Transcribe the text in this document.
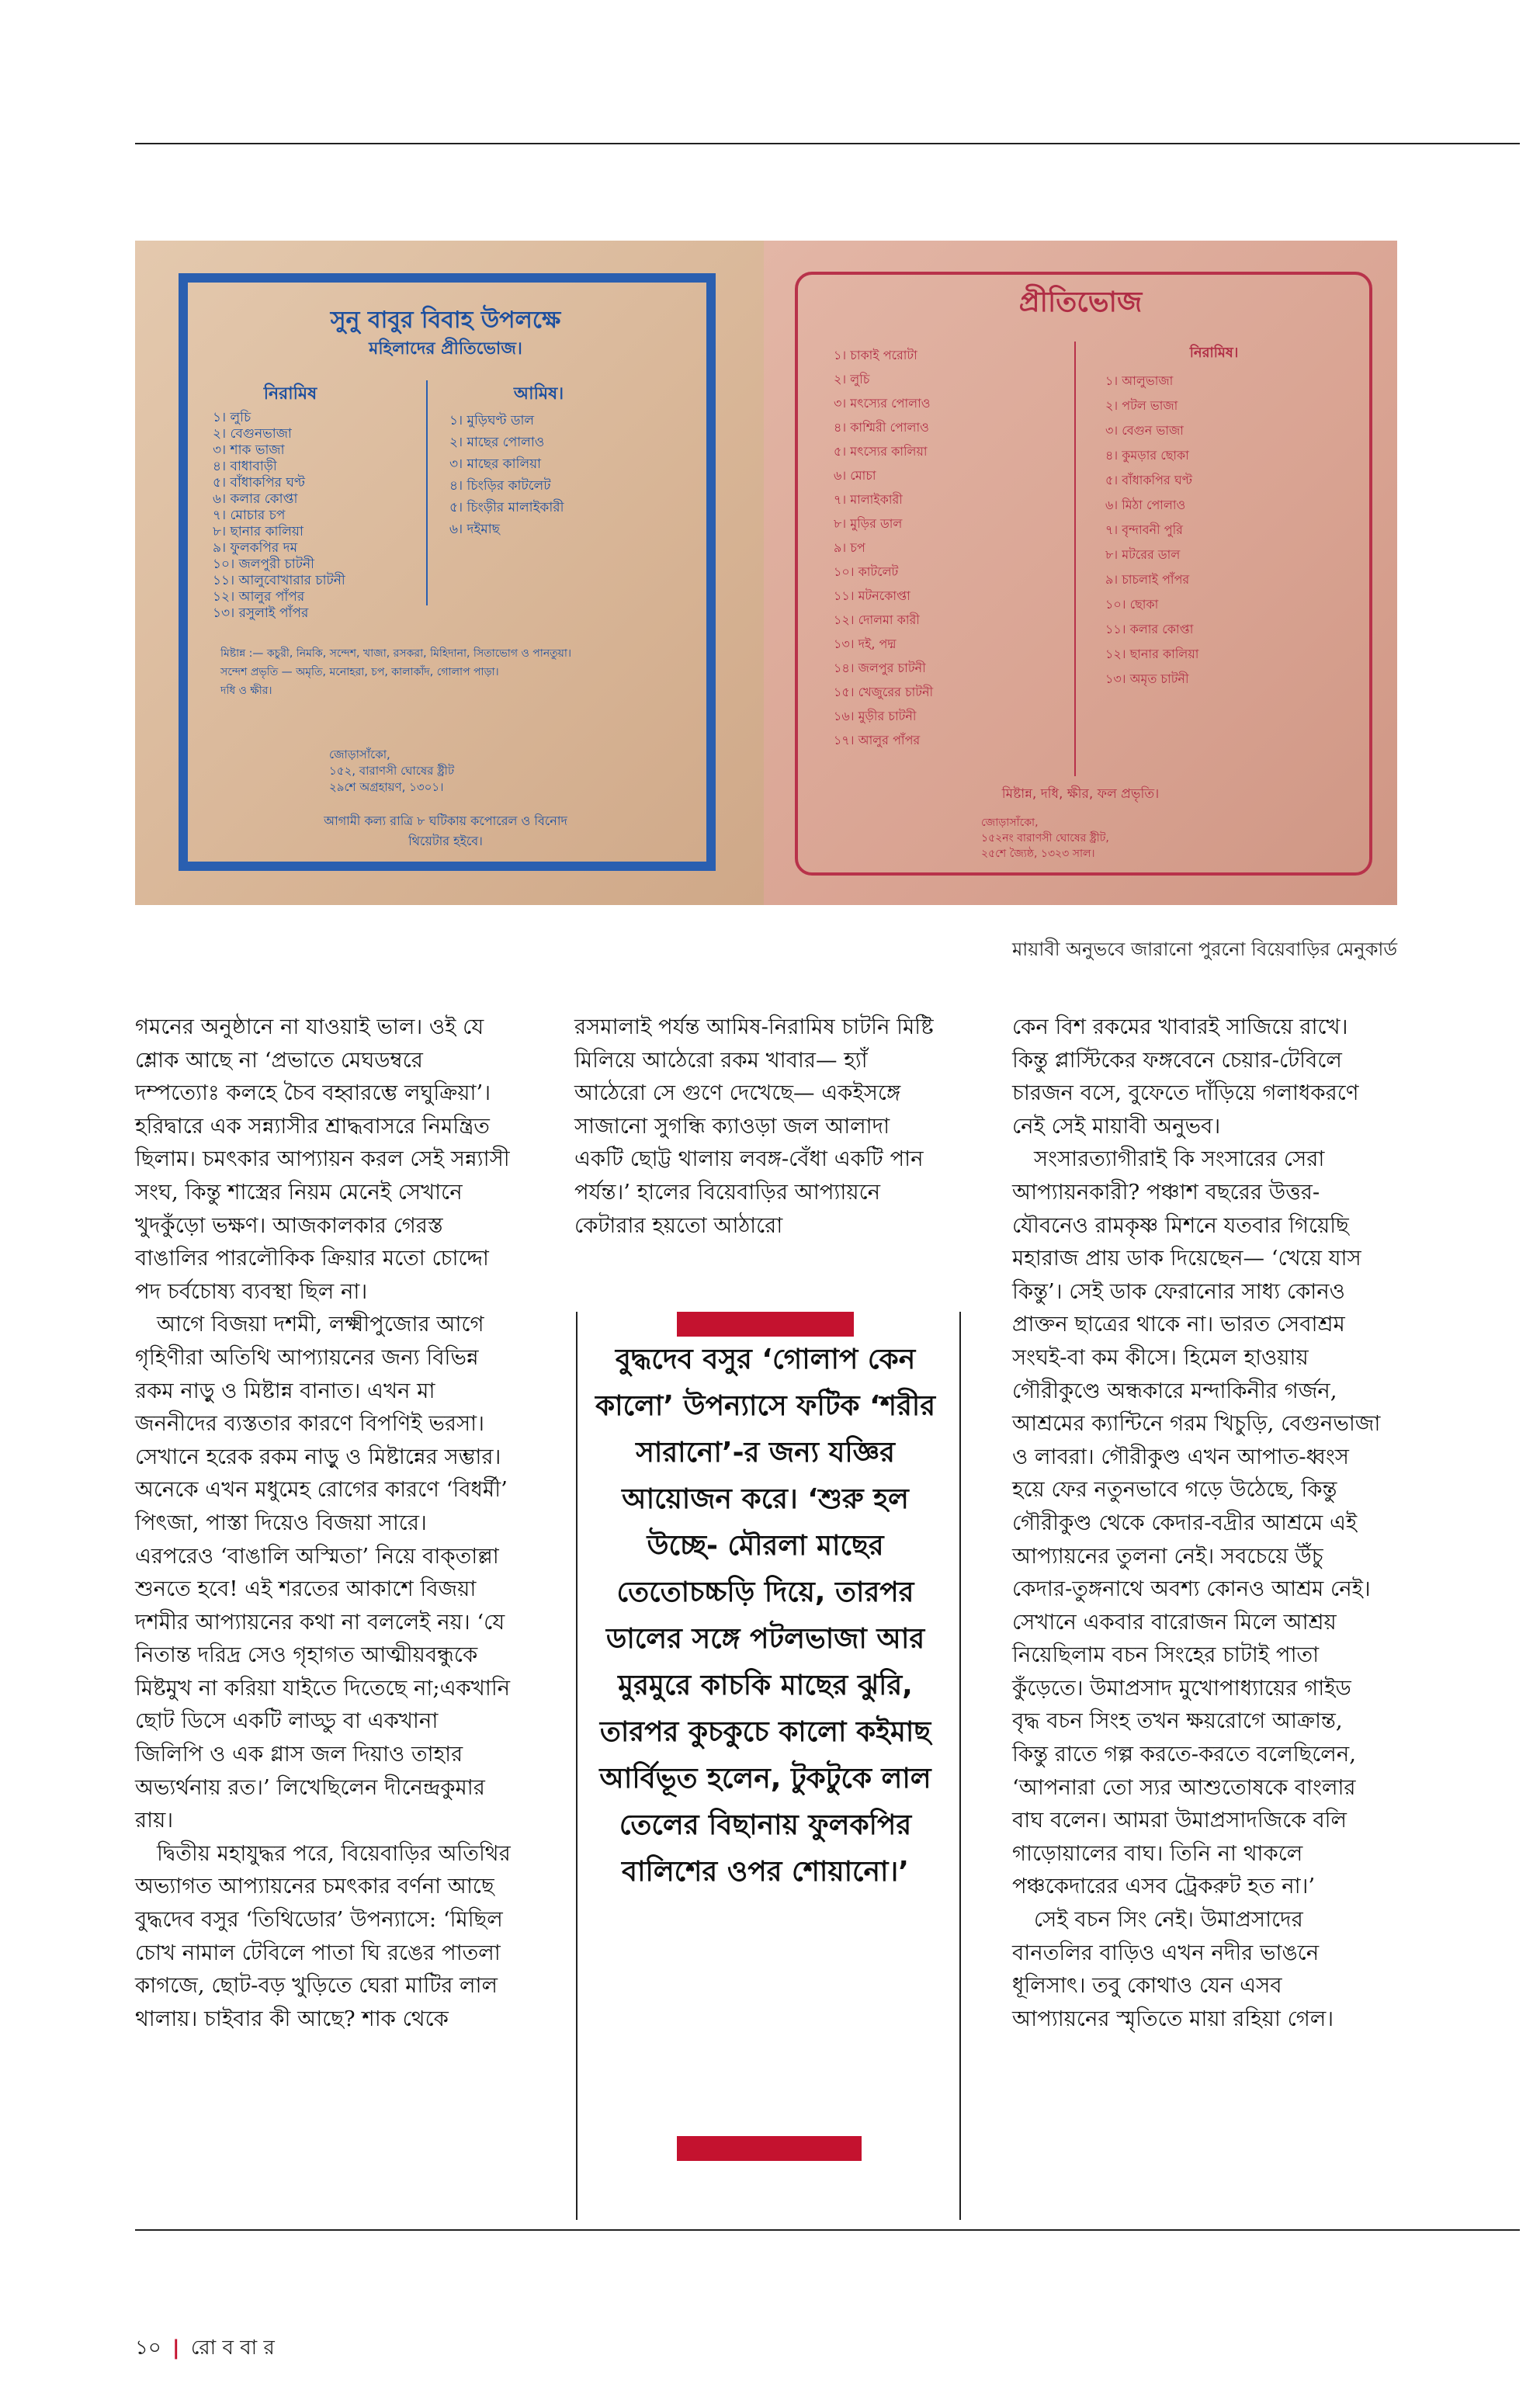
সুনু বাবুর বিবাহ উপলক্ষে
মহিলাদের প্রীতিভোজ।
নিরামিষ	আমিষ।
১। লুচি
২। বেগুনভাজা
৩। শাক ভাজা
৪। বাধাবাড়ী
৫। বাঁধাকপির ঘণ্ট
৬। কলার কোপ্তা
৭। মোচার চপ
৮। ছানার কালিয়া
৯। ফুলকপির দম
১০। জলপুরী চাটনী
১১। আলুবোখারার চাটনী
১২। আলুর পাঁপর
১৩। রসুলাই পাঁপর
১। মুড়িঘণ্ট ডাল
২। মাছের পোলাও
৩। মাছের কালিয়া
৪। চিংড়ির কাটলেট
৫। চিংড়ীর মালাইকারী
৬। দইমাছ
মিষ্টান্ন :— কচুরী, নিমকি, সন্দেশ, খাজা, রসকরা, মিহিদানা, সিতাভোগ ও পানতুয়া।
সন্দেশ প্রভৃতি — অমৃতি, মনোহরা, চপ, কালাকাঁদ, গোলাপ পাড়া।
দধি ও ক্ষীর।
জোড়াসাঁকো,
১৫২, বারাণসী ঘোষের ষ্ট্রীট
২৯শে অগ্রহায়ণ, ১৩০১।
আগামী কল্য রাত্রি ৮ ঘটিকায় কপোরেল ও বিনোদ
থিয়েটার হইবে।
প্রীতিভোজ
নিরামিষ।
১। চাকাই পরোটা
২। লুচি
৩। মৎস্যের পোলাও
৪। কাশ্মিরী পোলাও
৫। মৎস্যের কালিয়া
৬। মোচা
৭। মালাইকারী
৮। মুড়ির ডাল
৯। চপ
১০। কাটলেট
১১। মটনকোপ্তা
১২। দোলমা কারী
১৩। দই, পদ্ম
১৪। জলপুর চাটনী
১৫। খেজুরের চাটনী
১৬। মুড়ীর চাটনী
১৭। আলুর পাঁপর
১। আলুভাজা
২। পটল ভাজা
৩। বেগুন ভাজা
৪। কুমড়ার ছোকা
৫। বাঁধাকপির ঘণ্ট
৬। মিঠা পোলাও
৭। বৃন্দাবনী পুরি
৮। মটরের ডাল
৯। চাচলাই পাঁপর
১০। ছোকা
১১। কলার কোপ্তা
১২। ছানার কালিয়া
১৩। অমৃত চাটনী
মিষ্টান্ন, দধি, ক্ষীর, ফল প্রভৃতি।
জোড়াসাঁকো,
১৫২নং বারাণসী ঘোষের ষ্ট্রীট,
২৫শে জ্যৈষ্ঠ, ১৩২৩ সাল।
মায়াবী অনুভবে জারানো পুরনো বিয়েবাড়ির মেনুকার্ড

গমনের অনুষ্ঠানে না যাওয়াই ভাল। ওই যে শ্লোক আছে না ‘প্রভাতে মেঘডম্বরে দম্পত্যোঃ কলহে চৈব বহ্বারম্ভে লঘুক্রিয়া’। হরিদ্বারে এক সন্ন্যাসীর শ্রাদ্ধবাসরে নিমন্ত্রিত ছিলাম। চমৎকার আপ্যায়ন করল সেই সন্ন্যাসী সংঘ, কিন্তু শাস্ত্রের নিয়ম মেনেই সেখানে খুদকুঁড়ো ভক্ষণ। আজকালকার গেরস্ত বাঙালির পারলৌকিক ক্রিয়ার মতো চোদ্দো পদ চর্বচোষ্য ব্যবস্থা ছিল না।

আগে বিজয়া দশমী, লক্ষ্মীপুজোর আগে গৃহিণীরা অতিথি আপ্যায়নের জন্য বিভিন্ন রকম নাড়ু ও মিষ্টান্ন বানাত। এখন মা জননীদের ব্যস্ততার কারণে বিপণিই ভরসা। সেখানে হরেক রকম নাড়ু ও মিষ্টান্নের সম্ভার। অনেকে এখন মধুমেহ রোগের কারণে ‘বিধর্মী’ পিৎজা, পাস্তা দিয়েও বিজয়া সারে। এরপরেও ‘বাঙালি অস্মিতা’ নিয়ে বাক্‌তাল্লা শুনতে হবে! এই শরতের আকাশে বিজয়া দশমীর আপ্যায়নের কথা না বললেই নয়। ‘যে নিতান্ত দরিদ্র সেও গৃহাগত আত্মীয়বন্ধুকে মিষ্টমুখ না করিয়া যাইতে দিতেছে না;একখানি ছোট ডিসে একটি লাড্ডু বা একখানা জিলিপি ও এক গ্লাস জল দিয়াও তাহার অভ্যর্থনায় রত।’ লিখেছিলেন দীনেন্দ্রকুমার রায়।

দ্বিতীয় মহাযুদ্ধর পরে, বিয়েবাড়ির অতিথির অভ্যাগত আপ্যায়নের চমৎকার বর্ণনা আছে বুদ্ধদেব বসুর ‘তিথিডোর’ উপন্যাসে: ‘মিছিল চোখ নামাল টেবিলে পাতা ঘি রঙের পাতলা কাগজে, ছোট-বড় খুড়িতে ঘেরা মাটির লাল থালায়। চাইবার কী আছে? শাক থেকে

রসমালাই পর্যন্ত আমিষ-নিরামিষ চাটনি মিষ্টি মিলিয়ে আঠেরো রকম খাবার— হ্যাঁ আঠেরো সে গুণে দেখেছে— একইসঙ্গে সাজানো সুগন্ধি ক্যাওড়া জল আলাদা একটি ছোট্ট থালায় লবঙ্গ-বেঁধা একটি পান পর্যন্ত।’ হালের বিয়েবাড়ির আপ্যায়নে কেটারার হয়তো আঠারো

বুদ্ধদেব বসুর ‘গোলাপ কেন কালো’ উপন্যাসে ফটিক ‘শরীর সারানো’-র জন্য যজ্ঞির আয়োজন করে। ‘শুরু হল উচ্ছে- মৌরলা মাছের তেতোচচ্চড়ি দিয়ে, তারপর ডালের সঙ্গে পটলভাজা আর মুরমুরে কাচকি মাছের ঝুরি, তারপর কুচকুচে কালো কইমাছ আর্বিভূত হলেন, টুকটুকে লাল তেলের বিছানায় ফুলকপির বালিশের ওপর শোয়ানো।’

কেন বিশ রকমের খাবারই সাজিয়ে রাখে। কিন্তু প্লাস্টিকের ফঙ্গবেনে চেয়ার-টেবিলে চারজন বসে, বুফেতে দাঁড়িয়ে গলাধকরণে নেই সেই মায়াবী অনুভব।

সংসারত্যাগীরাই কি সংসারের সেরা আপ্যায়নকারী? পঞ্চাশ বছরের উত্তর-যৌবনেও রামকৃষ্ণ মিশনে যতবার গিয়েছি মহারাজ প্রায় ডাক দিয়েছেন— ‘খেয়ে যাস কিন্তু’। সেই ডাক ফেরানোর সাধ্য কোনও প্রাক্তন ছাত্রের থাকে না। ভারত সেবাশ্রম সংঘই-বা কম কীসে। হিমেল হাওয়ায় গৌরীকুণ্ডে অন্ধকারে মন্দাকিনীর গর্জন, আশ্রমের ক্যান্টিনে গরম খিচুড়ি, বেগুনভাজা ও লাবরা। গৌরীকুণ্ড এখন আপাত-ধ্বংস হয়ে ফের নতুনভাবে গড়ে উঠেছে, কিন্তু গৌরীকুণ্ড থেকে কেদার-বদ্রীর আশ্রমে এই আপ্যায়নের তুলনা নেই। সবচেয়ে উঁচু কেদার-তুঙ্গনাথে অবশ্য কোনও আশ্রম নেই। সেখানে একবার বারোজন মিলে আশ্রয় নিয়েছিলাম বচন সিংহের চাটাই পাতা কুঁড়েতে। উমাপ্রসাদ মুখোপাধ্যায়ের গাইড বৃদ্ধ বচন সিংহ তখন ক্ষয়রোগে আক্রান্ত, কিন্তু রাতে গল্প করতে-করতে বলেছিলেন, ‘আপনারা তো স্যর আশুতোষকে বাংলার বাঘ বলেন। আমরা উমাপ্রসাদজিকে বলি গাড়োয়ালের বাঘ। তিনি না থাকলে পঞ্চকেদারের এসব ট্রেকরুট হত না।’

সেই বচন সিং নেই। উমাপ্রসাদের বানতলির বাড়িও এখন নদীর ভাঙনে ধূলিসাৎ। তবু কোথাও যেন এসব আপ্যায়নের স্মৃতিতে মায়া রহিয়া গেল।

১০ | রো ব বা র
